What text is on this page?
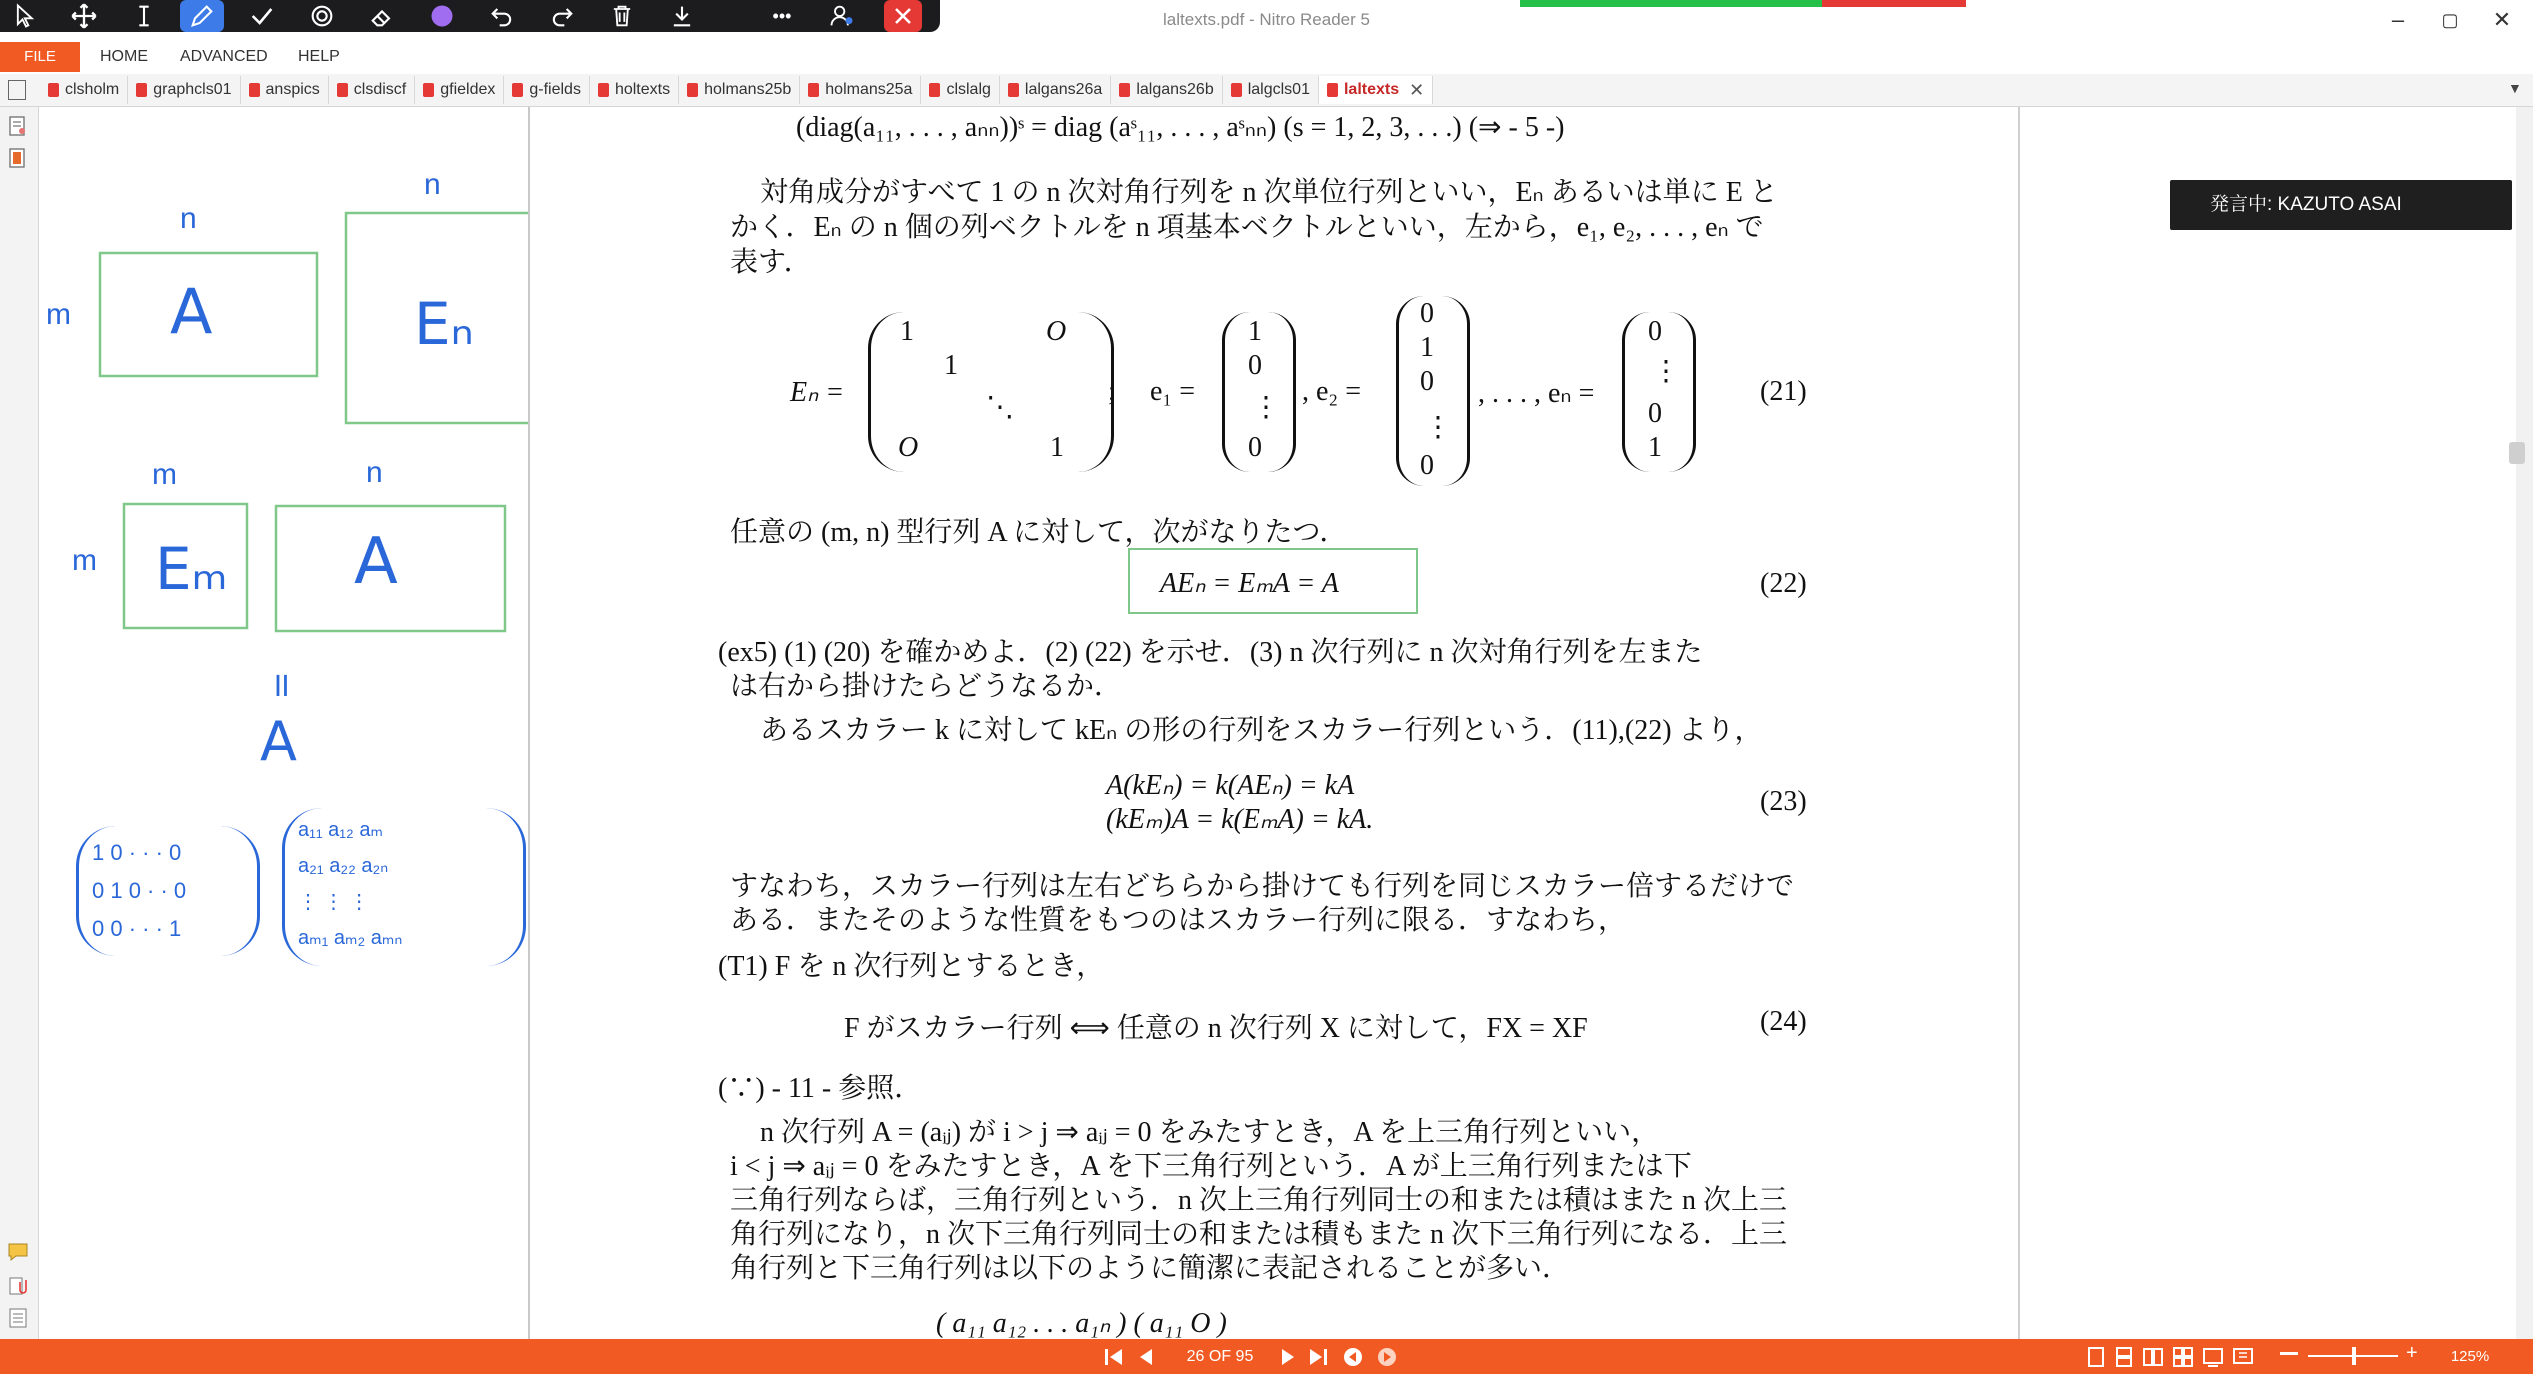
laltexts.pdf - Nitro Reader 5	–	▢	✕
•••
FILE	HOME ADVANCED HELP
clsholm graphcls01 anspics clsdiscf gfieldex g-fields holtexts holmans25b holmans25a clslalg lalgans26a lalgans26b lalgcls01 laltexts ✕	▼
A	Eₙ
Eₘ A
॥
A
n
m
n
m
m
n
1 0 · · · 0
0 1 0 · · 0
0 0 · · · 1
a₁₁ a₁₂ aₘ
a₂₁ a₂₂ a₂ₙ
⋮ ⋮ ⋮
aₘ₁ aₘ₂ aₘₙ
(diag(a₁₁, . . . , aₙₙ))ˢ = diag (aˢ₁₁, . . . , aˢₙₙ) (s = 1, 2, 3, . . .) (⇒ - 5 -)
対角成分がすべて 1 の n 次対角行列を n 次単位行列といい，Eₙ あるいは単に E と
かく．Eₙ の n 個の列ベクトルを n 項基本ベクトルといい，左から，e₁, e₂, . . . , eₙ で
表す．
Eₙ =
1	O
1
⋱
O	1
; e₁ =
1
0
⋮
0
, e₂ =
0
1
0
⋮
0
, . . . , eₙ =
0
⋮
0
1
(21)
任意の (m, n) 型行列 A に対して，次がなりたつ．
AEₙ = EₘA = A	(22)
(ex5) (1) (20) を確かめよ．(2) (22) を示せ．(3) n 次行列に n 次対角行列を左また
は右から掛けたらどうなるか．
あるスカラー k に対して kEₙ の形の行列をスカラー行列という．(11),(22) より，
A(kEₙ) = k(AEₙ) = kA
(kEₘ)A = k(EₘA) = kA.
(23)
すなわち，スカラー行列は左右どちらから掛けても行列を同じスカラー倍するだけで
ある．またそのような性質をもつのはスカラー行列に限る．すなわち，
(T1) F を n 次行列とするとき，
F がスカラー行列 ⟺ 任意の n 次行列 X に対して，FX = XF	(24)
(∵) - 11 - 参照．
n 次行列 A = (aᵢⱼ) が i > j ⇒ aᵢⱼ = 0 をみたすとき，A を上三角行列といい，
i < j ⇒ aᵢⱼ = 0 をみたすとき，A を下三角行列という．A が上三角行列または下
三角行列ならば，三角行列という．n 次上三角行列同士の和または積はまた n 次上三
角行列になり，n 次下三角行列同士の和または積もまた n 次下三角行列になる．上三
角行列と下三角行列は以下のように簡潔に表記されることが多い．
( a₁₁ a₁₂ . . . a₁ₙ ) ( a₁₁ O )
発言中: KAZUTO ASAI
26 OF 95	+	125%
